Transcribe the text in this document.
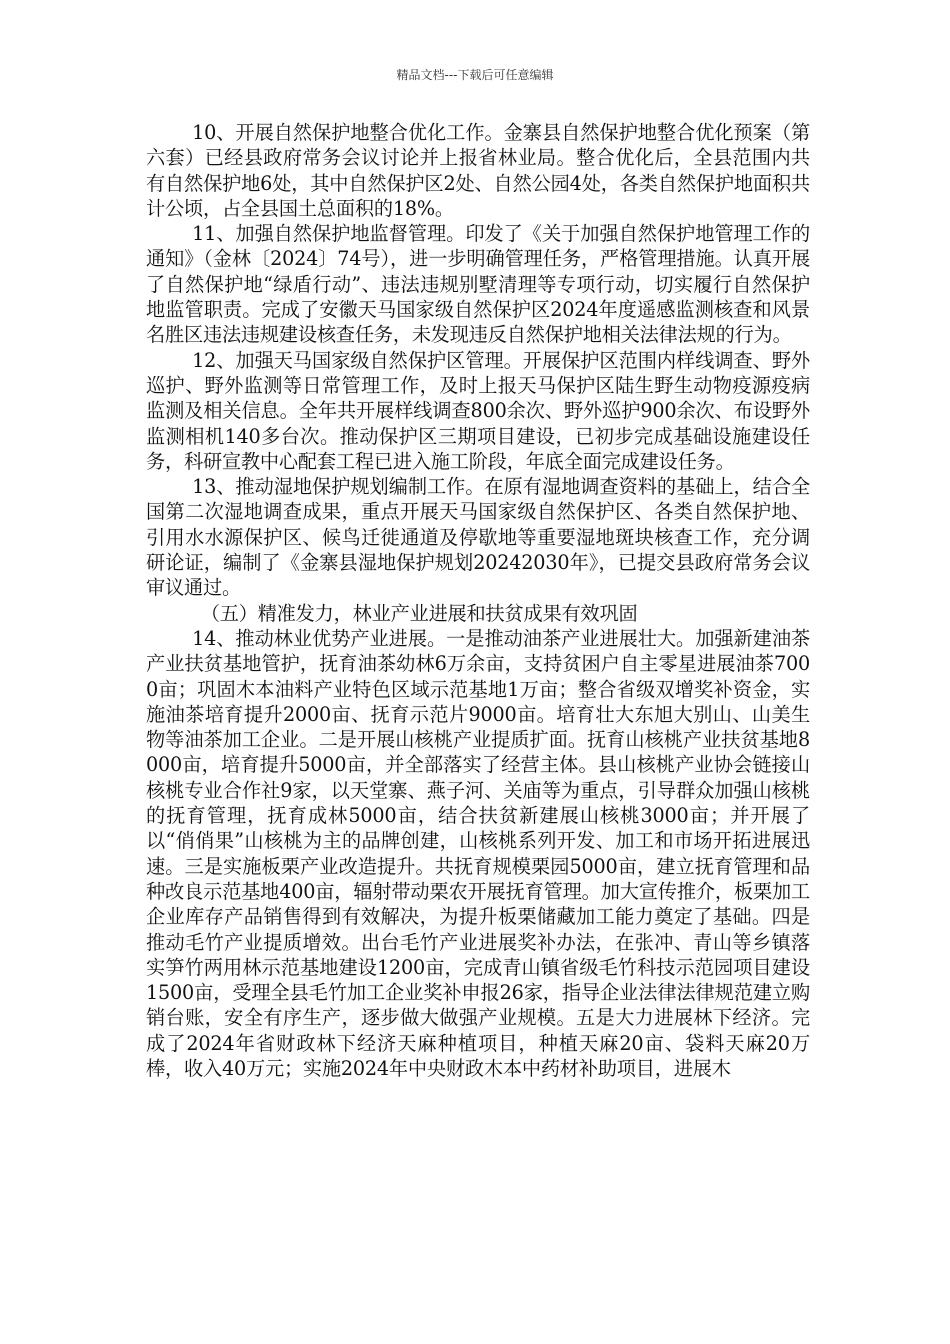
精品文档---下载后可任意编辑

10、开展自然保护地整合优化工作。金寨县自然保护地整合优化预案（第六套）已经县政府常务会议讨论并上报省林业局。整合优化后，全县范围内共有自然保护地6处，其中自然保护区2处、自然公园4处，各类自然保护地面积共计公顷，占全县国土总面积的18%。

11、加强自然保护地监督管理。印发了《关于加强自然保护地管理工作的通知》（金林〔2024〕74号），进一步明确管理任务，严格管理措施。认真开展了自然保护地“绿盾行动”、违法违规别墅清理等专项行动，切实履行自然保护地监管职责。完成了安徽天马国家级自然保护区2024年度遥感监测核查和风景名胜区违法违规建设核查任务，未发现违反自然保护地相关法律法规的行为。

12、加强天马国家级自然保护区管理。开展保护区范围内样线调查、野外巡护、野外监测等日常管理工作，及时上报天马保护区陆生野生动物疫源疫病监测及相关信息。全年共开展样线调查800余次、野外巡护900余次、布设野外监测相机140多台次。推动保护区三期项目建设，已初步完成基础设施建设任务，科研宣教中心配套工程已进入施工阶段，年底全面完成建设任务。

13、推动湿地保护规划编制工作。在原有湿地调查资料的基础上，结合全国第二次湿地调查成果，重点开展天马国家级自然保护区、各类自然保护地、引用水水源保护区、候鸟迁徙通道及停歇地等重要湿地斑块核查工作，充分调研论证，编制了《金寨县湿地保护规划20242030年》，已提交县政府常务会议审议通过。

（五）精准发力，林业产业进展和扶贫成果有效巩固

14、推动林业优势产业进展。一是推动油茶产业进展壮大。加强新建油茶产业扶贫基地管护，抚育油茶幼林6万余亩，支持贫困户自主零星进展油茶7000亩；巩固木本油料产业特色区域示范基地1万亩；整合省级双增奖补资金，实施油茶培育提升2000亩、抚育示范片9000亩。培育壮大东旭大别山、山美生物等油茶加工企业。二是开展山核桃产业提质扩面。抚育山核桃产业扶贫基地8000亩，培育提升5000亩，并全部落实了经营主体。县山核桃产业协会链接山核桃专业合作社9家，以天堂寨、燕子河、关庙等为重点，引导群众加强山核桃的抚育管理，抚育成林5000亩，结合扶贫新建展山核桃3000亩；并开展了以“俏俏果”山核桃为主的品牌创建，山核桃系列开发、加工和市场开拓进展迅速。三是实施板栗产业改造提升。共抚育规模栗园5000亩，建立抚育管理和品种改良示范基地400亩，辐射带动栗农开展抚育管理。加大宣传推介，板栗加工企业库存产品销售得到有效解决，为提升板栗储藏加工能力奠定了基础。四是推动毛竹产业提质增效。出台毛竹产业进展奖补办法，在张冲、青山等乡镇落实笋竹两用林示范基地建设1200亩，完成青山镇省级毛竹科技示范园项目建设1500亩，受理全县毛竹加工企业奖补申报26家，指导企业法律法律规范建立购销台账，安全有序生产，逐步做大做强产业规模。五是大力进展林下经济。完成了2024年省财政林下经济天麻种植项目，种植天麻20亩、袋料天麻20万棒，收入40万元；实施2024年中央财政木本中药材补助项目，进展木
